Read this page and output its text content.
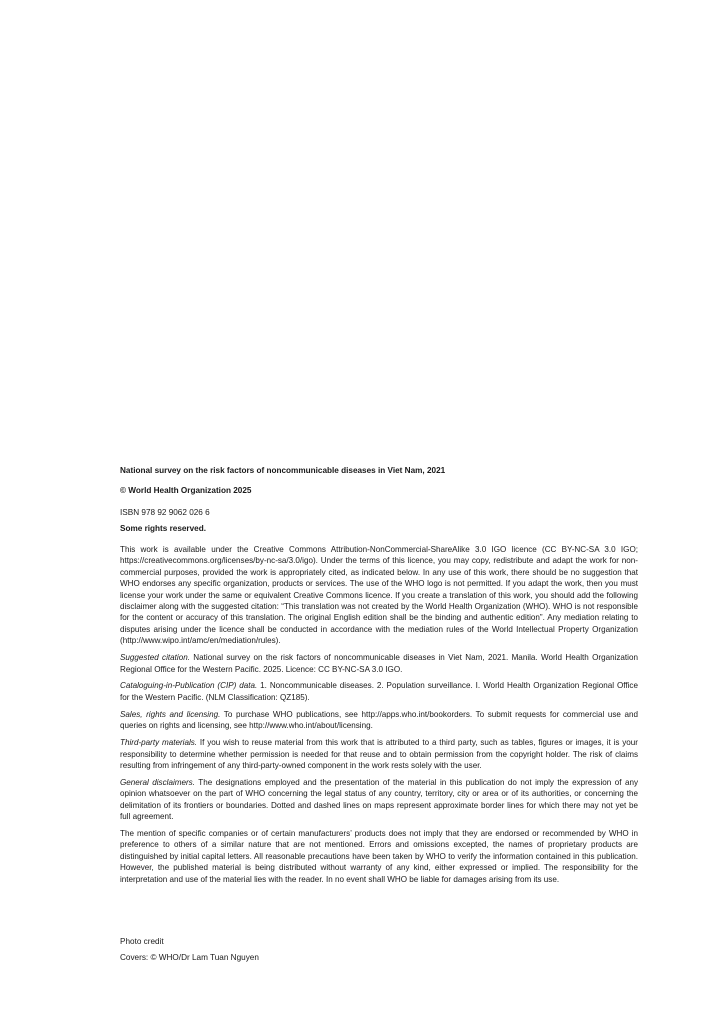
National survey on the risk factors of noncommunicable diseases in Viet Nam, 2021
© World Health Organization 2025
ISBN 978 92 9062 026 6
Some rights reserved.

This work is available under the Creative Commons Attribution-NonCommercial-ShareAlike 3.0 IGO licence (CC BY-NC-SA 3.0 IGO; https://creativecommons.org/licenses/by-nc-sa/3.0/igo). Under the terms of this licence, you may copy, redistribute and adapt the work for non-commercial purposes, provided the work is appropriately cited, as indicated below. In any use of this work, there should be no suggestion that WHO endorses any specific organization, products or services. The use of the WHO logo is not permitted. If you adapt the work, then you must license your work under the same or equivalent Creative Commons licence. If you create a translation of this work, you should add the following disclaimer along with the suggested citation: “This translation was not created by the World Health Organization (WHO). WHO is not responsible for the content or accuracy of this translation. The original English edition shall be the binding and authentic edition”. Any mediation relating to disputes arising under the licence shall be conducted in accordance with the mediation rules of the World Intellectual Property Organization (http://www.wipo.int/amc/en/mediation/rules).

Suggested citation. National survey on the risk factors of noncommunicable diseases in Viet Nam, 2021. Manila. World Health Organization Regional Office for the Western Pacific. 2025. Licence: CC BY-NC-SA 3.0 IGO.

Cataloguing-in-Publication (CIP) data. 1. Noncommunicable diseases. 2. Population surveillance. I. World Health Organization Regional Office for the Western Pacific. (NLM Classification: QZ185).

Sales, rights and licensing. To purchase WHO publications, see http://apps.who.int/bookorders. To submit requests for commercial use and queries on rights and licensing, see http://www.who.int/about/licensing.

Third-party materials. If you wish to reuse material from this work that is attributed to a third party, such as tables, figures or images, it is your responsibility to determine whether permission is needed for that reuse and to obtain permission from the copyright holder. The risk of claims resulting from infringement of any third-party-owned component in the work rests solely with the user.

General disclaimers. The designations employed and the presentation of the material in this publication do not imply the expression of any opinion whatsoever on the part of WHO concerning the legal status of any country, territory, city or area or of its authorities, or concerning the delimitation of its frontiers or boundaries. Dotted and dashed lines on maps represent approximate border lines for which there may not yet be full agreement.

The mention of specific companies or of certain manufacturers’ products does not imply that they are endorsed or recommended by WHO in preference to others of a similar nature that are not mentioned. Errors and omissions excepted, the names of proprietary products are distinguished by initial capital letters. All reasonable precautions have been taken by WHO to verify the information contained in this publication. However, the published material is being distributed without warranty of any kind, either expressed or implied. The responsibility for the interpretation and use of the material lies with the reader. In no event shall WHO be liable for damages arising from its use.

Photo credit
Covers: © WHO/Dr Lam Tuan Nguyen
